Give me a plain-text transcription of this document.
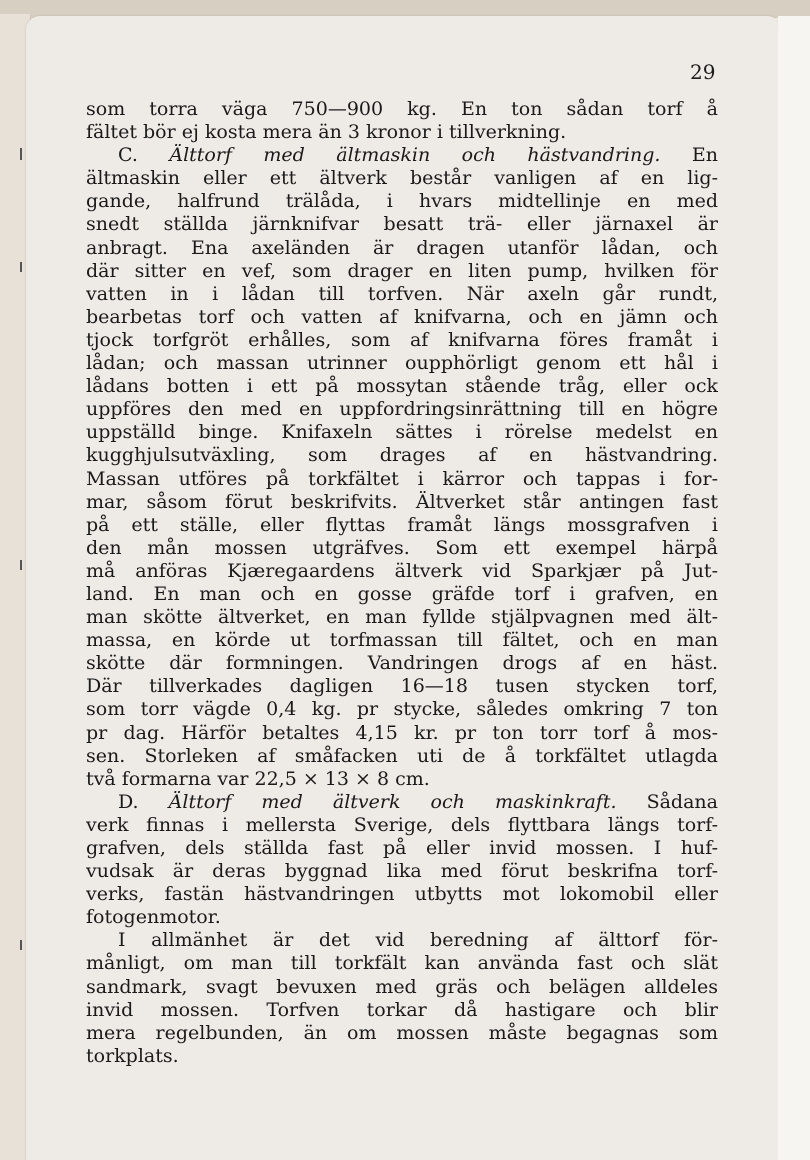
29

som torra väga 750—900 kg. En ton sådan torf å
fältet bör ej kosta mera än 3 kronor i tillverkning.
C. Älttorf med ältmaskin och hästvandring. En
ältmaskin eller ett ältverk består vanligen af en lig-
gande, halfrund trälåda, i hvars midtellinje en med
snedt ställda järnknifvar besatt trä- eller järnaxel är
anbragt. Ena axeländen är dragen utanför lådan, och
där sitter en vef, som drager en liten pump, hvilken för
vatten in i lådan till torfven. När axeln går rundt,
bearbetas torf och vatten af knifvarna, och en jämn och
tjock torfgröt erhålles, som af knifvarna föres framåt i
lådan; och massan utrinner oupphörligt genom ett hål i
lådans botten i ett på mossytan stående tråg, eller ock
uppföres den med en uppfordringsinrättning till en högre
uppställd binge. Knifaxeln sättes i rörelse medelst en
kugghjulsutväxling, som drages af en hästvandring.
Massan utföres på torkfältet i kärror och tappas i for-
mar, såsom förut beskrifvits. Ältverket står antingen fast
på ett ställe, eller flyttas framåt längs mossgrafven i
den mån mossen utgräfves. Som ett exempel härpå
må anföras Kjæregaardens ältverk vid Sparkjær på Jut-
land. En man och en gosse gräfde torf i grafven, en
man skötte ältverket, en man fyllde stjälpvagnen med ält-
massa, en körde ut torfmassan till fältet, och en man
skötte där formningen. Vandringen drogs af en häst.
Där tillverkades dagligen 16—18 tusen stycken torf,
som torr vägde 0,4 kg. pr stycke, således omkring 7 ton
pr dag. Härför betaltes 4,15 kr. pr ton torr torf å mos-
sen. Storleken af småfacken uti de å torkfältet utlagda
två formarna var 22,5 × 13 × 8 cm.
D. Älttorf med ältverk och maskinkraft. Sådana
verk finnas i mellersta Sverige, dels flyttbara längs torf-
grafven, dels ställda fast på eller invid mossen. I huf-
vudsak är deras byggnad lika med förut beskrifna torf-
verks, fastän hästvandringen utbytts mot lokomobil eller
fotogenmotor.
I allmänhet är det vid beredning af älttorf för-
månligt, om man till torkfält kan använda fast och slät
sandmark, svagt bevuxen med gräs och belägen alldeles
invid mossen. Torfven torkar då hastigare och blir
mera regelbunden, än om mossen måste begagnas som
torkplats.
